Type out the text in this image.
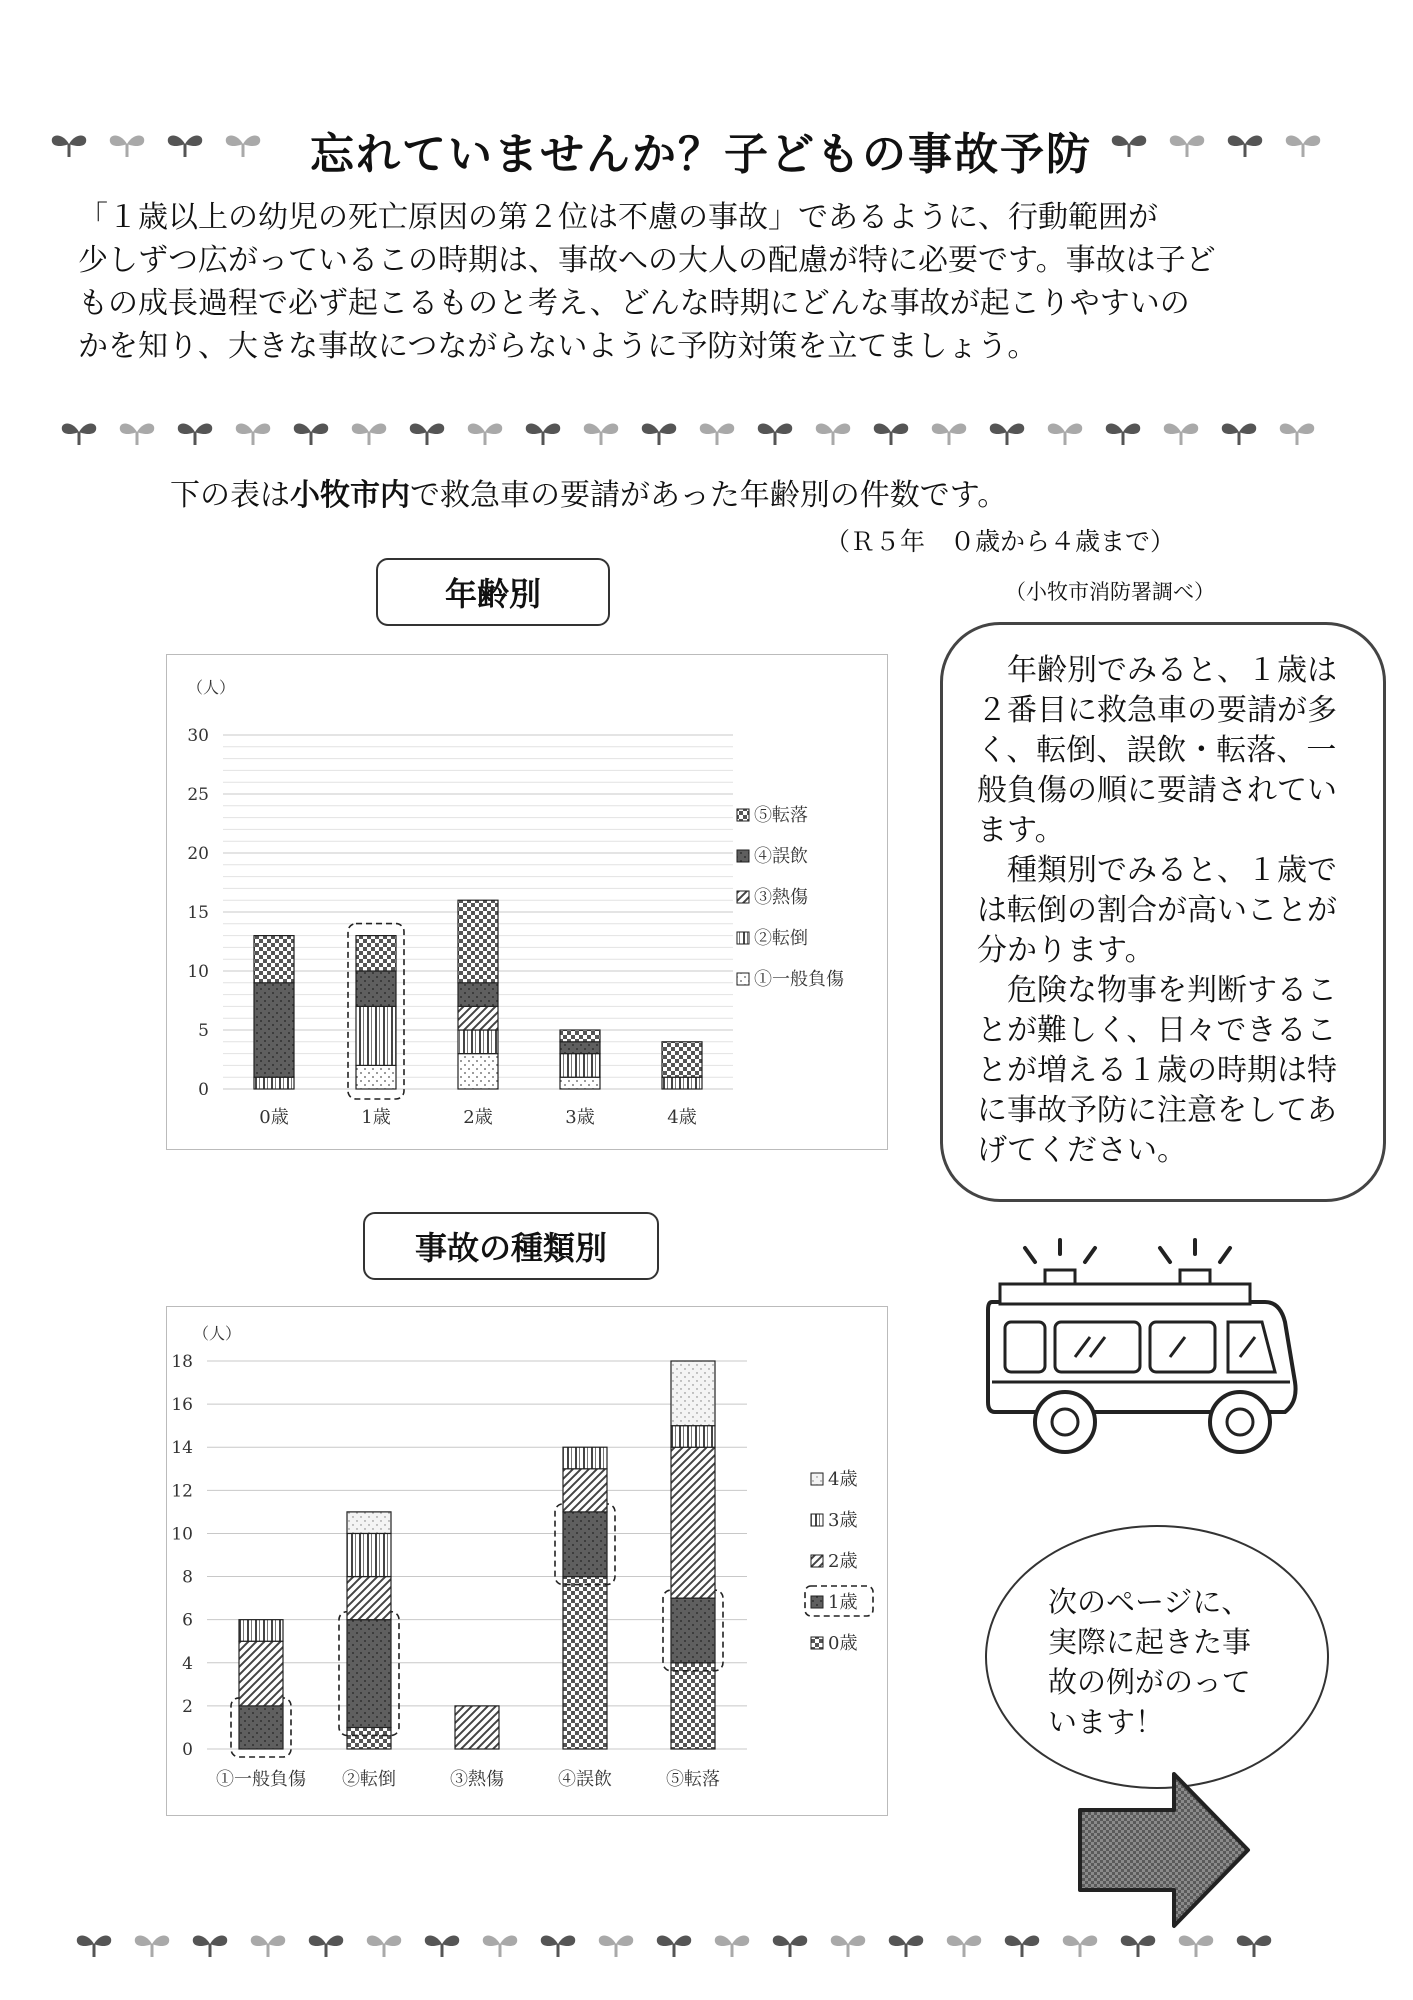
忘れていませんか？子どもの事故予防

「１歳以上の幼児の死亡原因の第２位は不慮の事故」であるように、行動範囲が

少しずつ広がっているこの時期は、事故への大人の配慮が特に必要です。事故は子ど

もの成長過程で必ず起こるものと考え、どんな時期にどんな事故が起こりやすいの

かを知り、大きな事故につながらないように予防対策を立てましょう。

下の表は小牧市内で救急車の要請があった年齢別の件数です。
（Ｒ５年　０歳から４歳まで）
（小牧市消防署調べ）
年齢別
事故の種類別
0
5
10
15
20
25
30
（人）
0歳	1歳	2歳	3歳	4歳
⑤転落
④誤飲
③熱傷
②転倒
①一般負傷
0
2
4
6
8
10
12
14
16
18
（人）
①一般負傷 ②転倒	③熱傷	④誤飲	⑤転落
4歳
3歳
2歳
1歳
0歳

　年齢別でみると、１歳は２番目に救急車の要請が多く、転倒、誤飲・転落、一般負傷の順に要請されています。

　種類別でみると、１歳では転倒の割合が高いことが分かります。

　危険な物事を判断することが難しく、日々できることが増える１歳の時期は特に事故予防に注意をしてあげてください。

次のページに、
実際に起きた事
故の例がのって
います！
